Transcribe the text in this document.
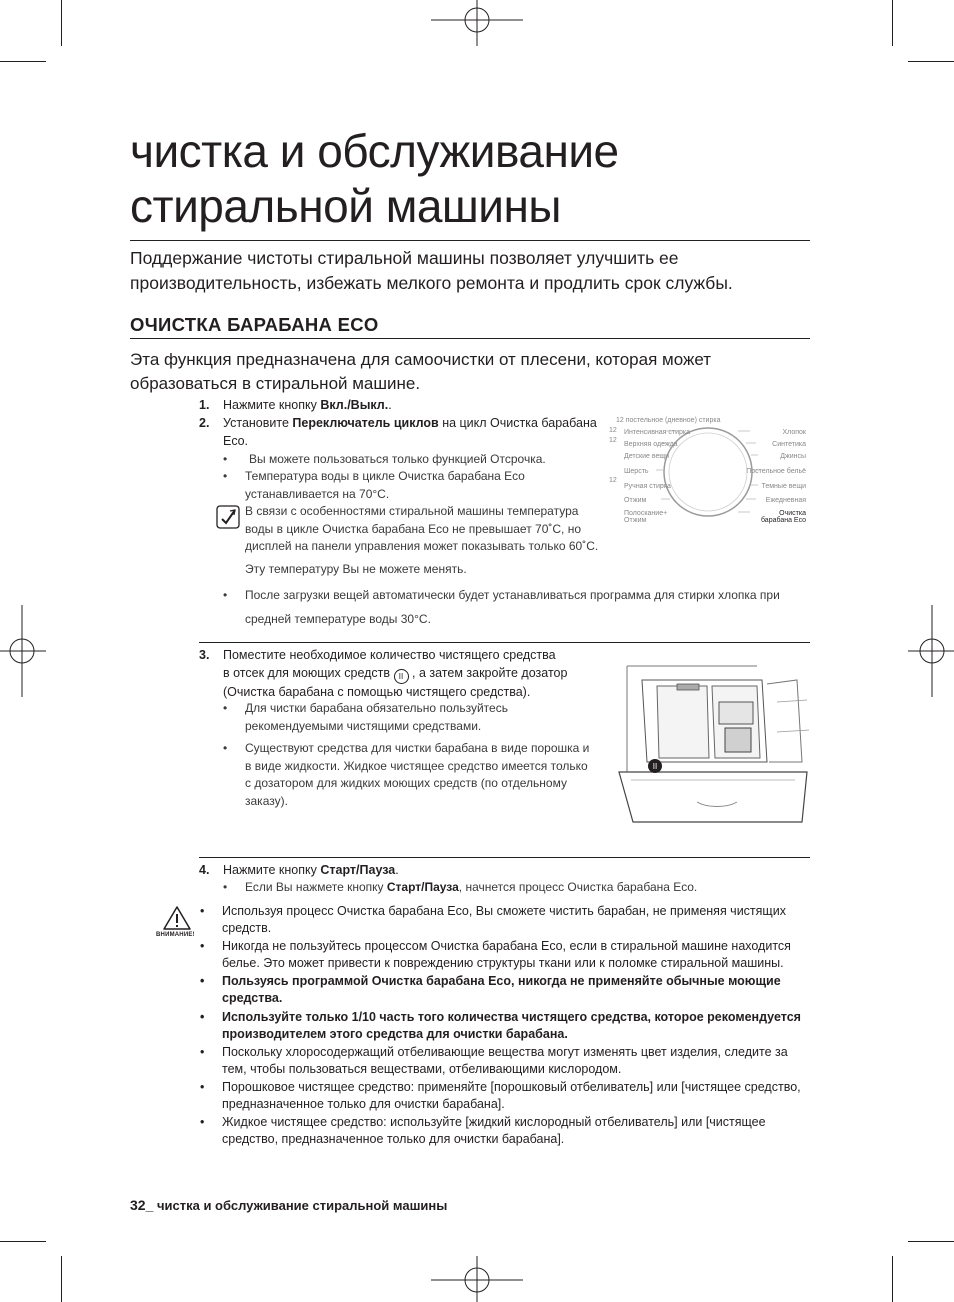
чистка и обслуживание
стиральной машины
Поддержание чистоты стиральной машины позволяет улучшить ее производительность, избежать мелкого ремонта и продлить срок службы.
ОЧИСТКА БАРАБАНА ECO
Эта функция предназначена для самоочистки от плесени, которая может образоваться в стиральной машине.
1. Нажмите кнопку Вкл./Выкл..
2. Установите Переключатель циклов на цикл Очистка барабана Eco.
•	Вы можете пользоваться только функцией Отсрочка.
• Температура воды в цикле Очистка барабана Eco устанавливается на 70°C.
В связи с особенностями стиральной машины температура воды в цикле Очистка барабана Eco не превышает 70˚C, но дисплей на панели управления может показывать только 60˚C.
Эту температуру Вы не можете менять.
• После загрузки вещей автоматически будет устанавливаться программа для стирки хлопка при средней температуре воды 30°C.
12 постельное (дневное) стирка
12
12
12
Интенсивная стирка
Верхняя одежда
Детские вещи
Шерсть
Ручная стирка
Отжим
Полоскание+
Отжим
Хлопок
Синтетика
Джинсы
Постельное бельё
Темные вещи
Ежедневная
Очистка
барабана Eco
3. Поместите необходимое количество чистящего средства
в отсек для моющих средств II , а затем закройте дозатор
(Очистка барабана с помощью чистящего средства).
• Для чистки барабана обязательно пользуйтесь рекомендуемыми чистящими средствами.
• Существуют средства для чистки барабана в виде порошка и в виде жидкости. Жидкое чистящее средство имеется только с дозатором для жидких моющих средств (по отдельному заказу).
II
4. Нажмите кнопку Старт/Пауза.
• Если Вы нажмете кнопку Старт/Пауза, начнется процесс Очистка барабана Eco.
ВНИМАНИЕ!
• Используя процесс Очистка барабана Eco, Вы сможете чистить барабан, не применяя чистящих средств.
• Никогда не пользуйтесь процессом Очистка барабана Eco, если в стиральной машине находится белье. Это может привести к повреждению структуры ткани или к поломке стиральной машины.
• Пользуясь программой Очистка барабана Eco, никогда не применяйте обычные моющие средства.
• Используйте только 1/10 часть того количества чистящего средства, которое рекомендуется производителем этого средства для очистки барабана.
• Поскольку хлоросодержащий отбеливающие вещества могут изменять цвет изделия, следите за тем, чтобы пользоваться веществами, отбеливающими кислородом.
• Порошковое чистящее средство: применяйте [порошковый отбеливатель] или [чистящее средство, предназначенное только для очистки барабана].
• Жидкое чистящее средство: используйте [жидкий кислородный отбеливатель] или [чистящее средство, предназначенное только для очистки барабана].
32_ чистка и обслуживание стиральной машины
